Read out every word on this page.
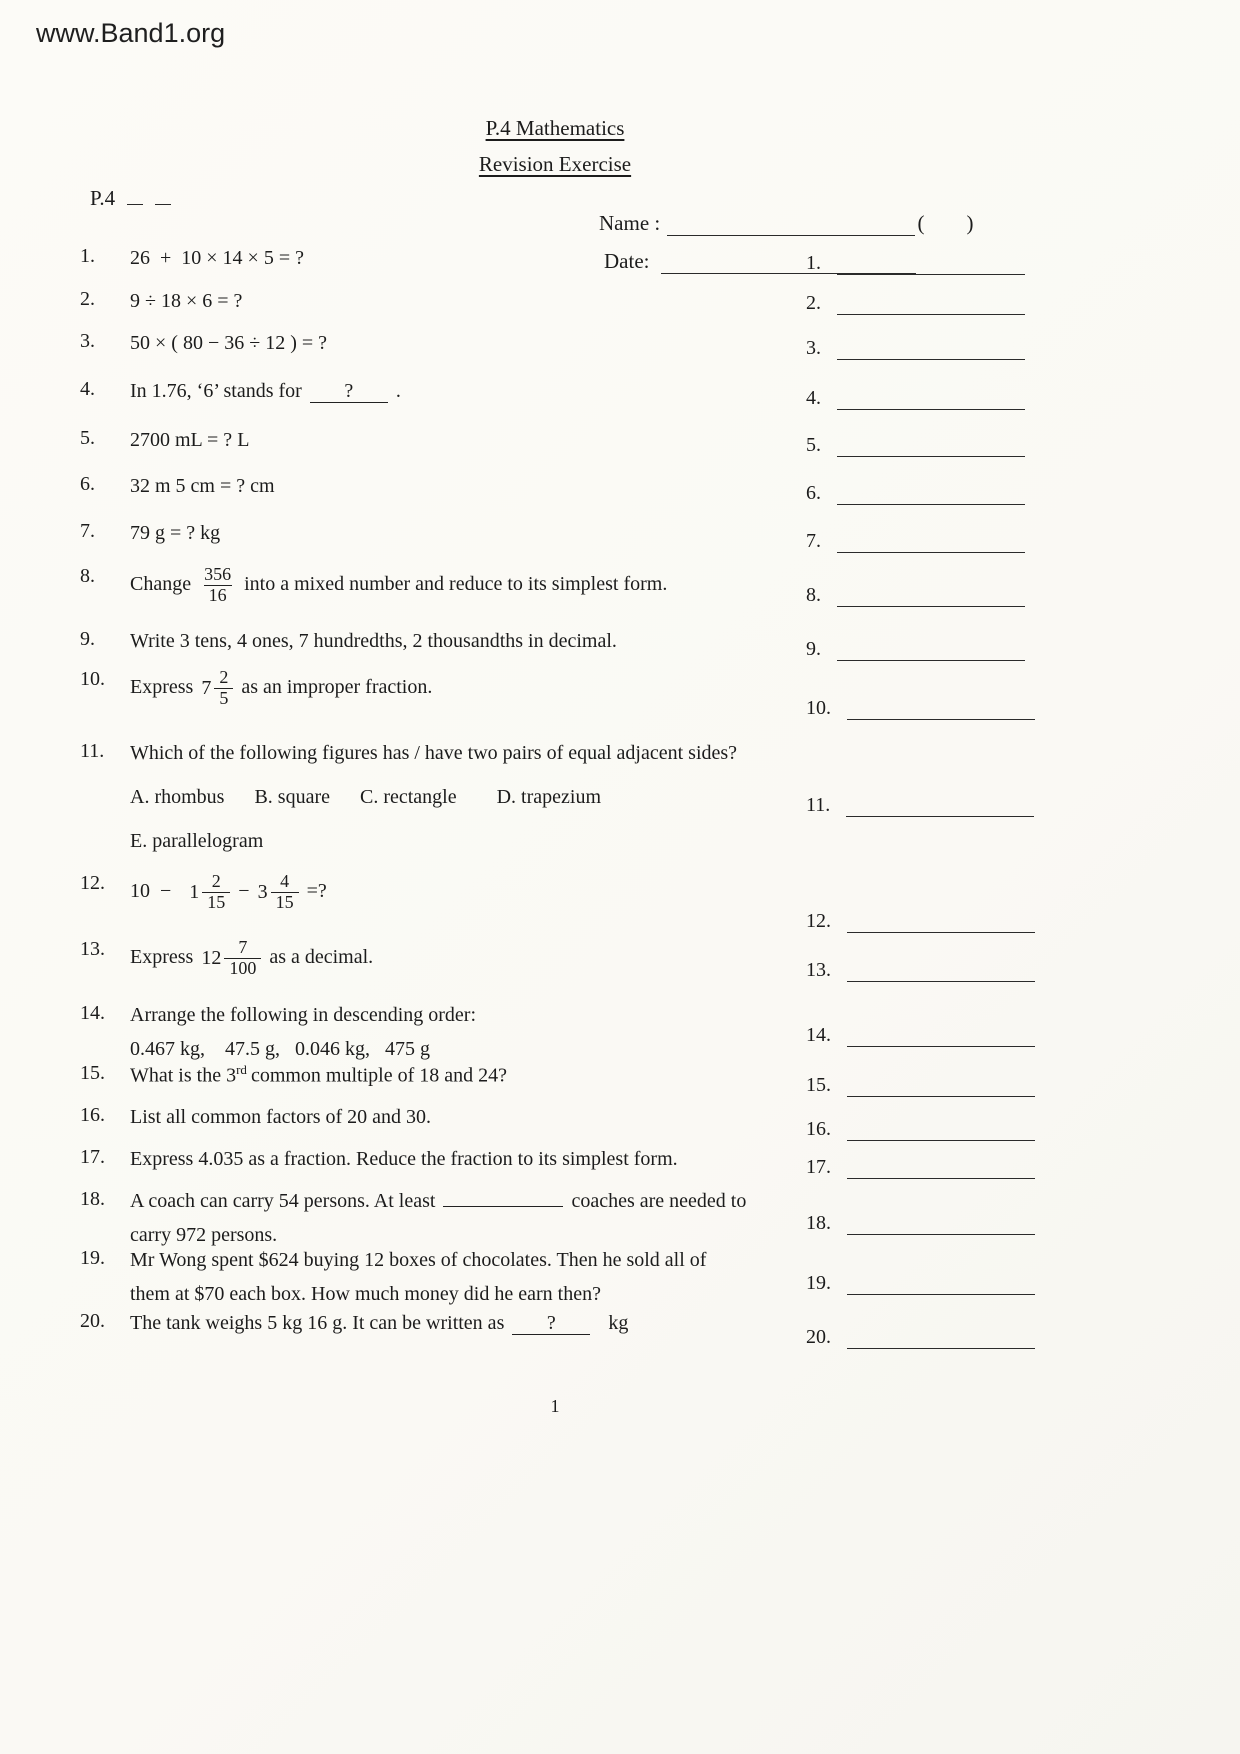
www.Band1.org
P.4 Mathematics
Revision Exercise
P.4

Name :	(        )

Date:

1.	26  +  10 × 14 × 5 = ?
2.	9 ÷ 18 × 6 = ?
3.	50 × ( 80 − 36 ÷ 12 ) = ?
4.	In 1.76, ‘6’ stands for ? .
5.	2700 mL = ? L
6.	32 m 5 cm = ? cm
7.	79 g = ? kg
8.	Change $\frac{356}{16}$ into a mixed number and reduce to its simplest form.
9.	Write 3 tens, 4 ones, 7 hundredths, 2 thousandths in decimal.
10.	Express $7 \frac{2}{5}$ as an improper fraction.
11.	Which of the following figures has / have two pairs of equal adjacent sides?
A. rhombus      B. square      C. rectangle        D. trapezium
E. parallelogram
12.	$10 - 1 \frac{2}{15} - 3 \frac{4}{15}$ =?
13.	Express $12 \frac{7}{100}$ as a decimal.
14.	Arrange the following in descending order:
0.467 kg,    47.5 g,   0.046 kg,   475 g
15.	What is the 3rd common multiple of 18 and 24?
16.	List all common factors of 20 and 30.
17.	Express 4.035 as a fraction. Reduce the fraction to its simplest form.
18.	A coach can carry 54 persons. At least	coaches are needed to
carry 972 persons.
19.	Mr Wong spent $624 buying 12 boxes of chocolates. Then he sold all of
them at $70 each box. How much money did he earn then?
20.	The tank weighs 5 kg 16 g. It can be written as ?  kg
1.
2.
3.
4.
5.
6.
7.
8.
9.
10.
11.
12.
13.
14.
15.
16.
17.
18.
19.
20.
1
